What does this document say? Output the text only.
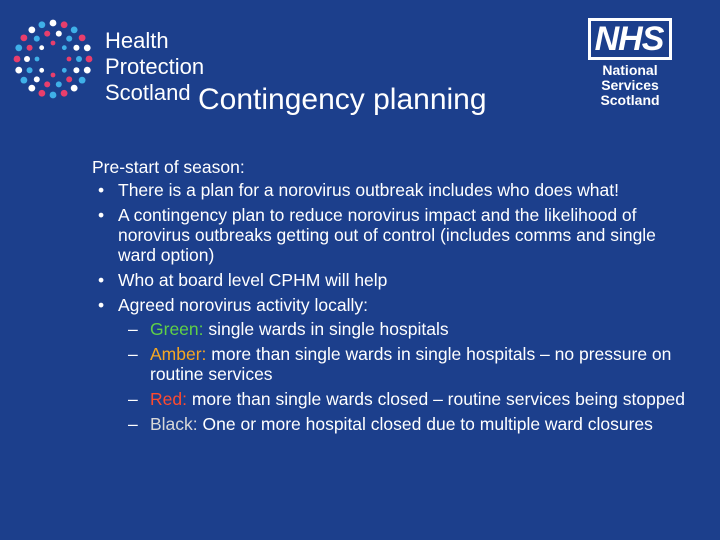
Health
Protection
Scotland
NHS
National
Services
Scotland
Contingency planning

Pre-start of season:

• There is a plan for a norovirus outbreak includes who does what!
• A contingency plan to reduce norovirus impact and the likelihood of norovirus outbreaks getting out of control (includes comms and single ward option)
• Who at board level CPHM will help
• Agreed norovirus activity locally:
– Green: single wards in single hospitals
– Amber: more than single wards in single hospitals – no pressure on routine services
– Red: more than single wards closed – routine services being stopped
– Black: One or more hospital closed due to multiple ward closures
